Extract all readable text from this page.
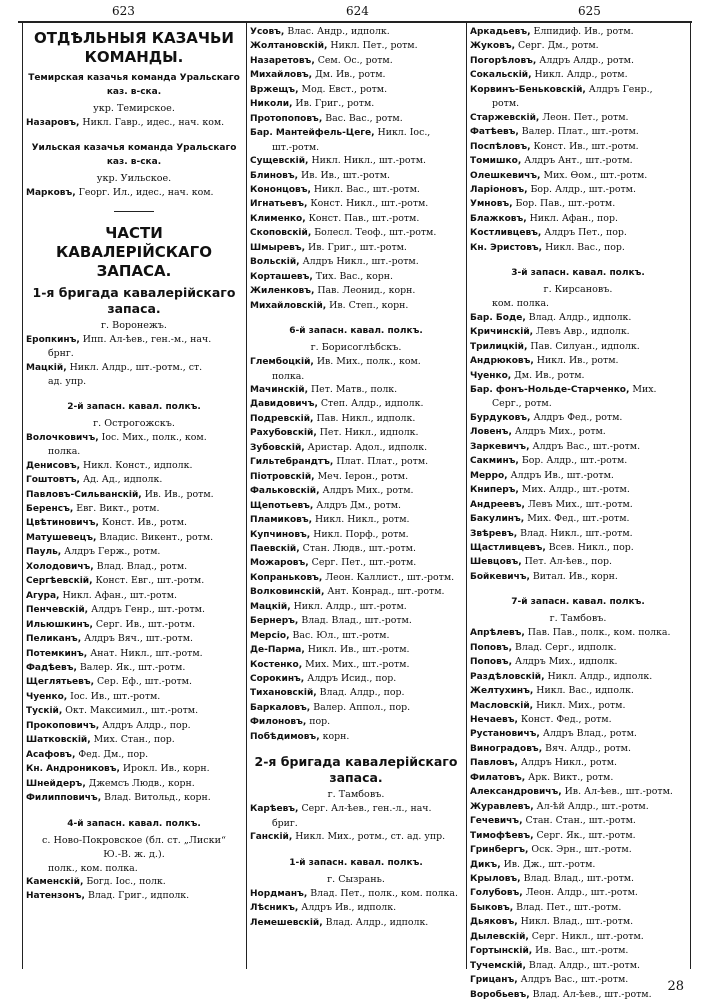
623	624	625
ОТДѢЛЬНЫЯ КАЗАЧЬИ
КОМАНДЫ.
Темирская казачья команда Уральскаго
каз. в-ска.
укр. Темирское.
Назаровъ, Никл. Гавр., идес., нач. ком.
Уильская казачья команда Уральскаго
каз. в-ска.
укр. Уильское.
Марковъ, Георг. Ил., идес., нач. ком.
ЧАСТИ КАВАЛЕРІЙСКАГО
ЗАПАСА.
1-я бригада кавалерійскаго
запаса.
г. Воронежъ.
Еропкинъ, Ипп. Ал-ѣев., ген.-м., нач.
брнг.
Мацкій, Никл. Алдр., шт.-ротм., ст.
ад. упр.
2-й запасн. кавал. полкъ.
г. Острогожскъ.
Волочковичъ, Іос. Мих., полк., ком.
полка.
Денисовъ, Никл. Конст., идполк.
Гоштовтъ, Ад. Ад., идполк.
Павловъ-Сильванскій, Ив. Ив., ротм.
Беренсъ, Евг. Викт., ротм.
Цвѣтиновичъ, Конст. Ив., ротм.
Матушевецъ, Владис. Викент., ротм.
Пауль, Алдръ Герж., ротм.
Холодовичъ, Влад. Влад., ротм.
Сергѣевскій, Конст. Евг., шт.-ротм.
Агура, Никл. Афан., шт.-ротм.
Пенчевскій, Алдръ Генр., шт.-ротм.
Ильюшкинъ, Серг. Ив., шт.-ротм.
Пеликанъ, Алдръ Вяч., шт.-ротм.
Потемкинъ, Анат. Никл., шт.-ротм.
Фадѣевъ, Валер. Як., шт.-ротм.
Щеглятьевъ, Сер. Еф., шт.-ротм.
Чуенко, Іос. Ив., шт.-ротм.
Тускій, Окт. Максимил., шт.-ротм.
Прокоповичъ, Алдръ Алдр., пор.
Шатковскій, Мих. Стан., пор.
Асафовъ, Фед. Дм., пор.
Кн. Андрониковъ, Ирокл. Ив., корн.
Шнейдеръ, Джемсъ Людв., корн.
Филипповичъ, Влад. Витольд., корн.
4-й запасн. кавал. полкъ.
с. Ново-Покровское (бл. ст. „Лиски“
Ю.-В. ж. д.).
полк., ком. полка.
Каменскій, Богд. Іос., полк.
Натензонъ, Влад. Григ., идполк.
Усовъ, Влас. Андр., идполк.
Жолтановскій, Никл. Пет., ротм.
Назаретовъ, Сем. Ос., ротм.
Михайловъ, Дм. Ив., ротм.
Вржещъ, Мод. Евст., ротм.
Николи, Ив. Григ., ротм.
Протопоповъ, Вас. Вас., ротм.
Бар. Мантейфель-Цеге, Никл. Іос.,
шт.-ротм.
Сущевскій, Никл. Никл., шт.-ротм.
Блиновъ, Ив. Ив., шт.-ротм.
Кононцовъ, Никл. Вас., шт.-ротм.
Игнатьевъ, Конст. Никл., шт.-ротм.
Клименко, Конст. Пав., шт.-ротм.
Скоповскій, Болесл. Теоф., шт.-ротм.
Шмыревъ, Ив. Григ., шт.-ротм.
Вольскій, Алдръ Никл., шт.-ротм.
Корташевъ, Тих. Вас., корн.
Жиленковъ, Пав. Леонид., корн.
Михайловскій, Ив. Степ., корн.
6-й запасн. кавал. полкъ.
г. Борисоглѣбскъ.
Глембоцкій, Ив. Мих., полк., ком.
полка.
Мачинскій, Пет. Матв., полк.
Давидовичъ, Степ. Алдр., идполк.
Подревскій, Пав. Никл., идполк.
Рахубовскій, Пет. Никл., идполк.
Зубовскій, Аристар. Адол., идполк.
Гильтебрандтъ, Плат. Плат., ротм.
Піотровскій, Меч. Іерон., ротм.
Фальковскій, Алдръ Мих., ротм.
Щепотьевъ, Алдръ Дм., ротм.
Пламиковъ, Никл. Никл., ротм.
Купчиновъ, Никл. Порф., ротм.
Паевскій, Стан. Людв., шт.-ротм.
Можаровъ, Серг. Пет., шт.-ротм.
Копраньковъ, Леон. Каллист., шт.-ротм.
Волковинскій, Ант. Конрад., шт.-ротм.
Мацкій, Никл. Алдр., шт.-ротм.
Бернеръ, Влад. Влад., шт.-ротм.
Мерсіо, Вас. Юл., шт.-ротм.
Де-Парма, Никл. Ив., шт.-ротм.
Костенко, Мих. Мих., шт.-ротм.
Сорокинъ, Алдръ Исид., пор.
Тихановскій, Влад. Алдр., пор.
Баркаловъ, Валер. Аппол., пор.
Филоновъ, пор.
Побѣдимовъ, корн.
2-я бригада кавалерійскаго
запаса.
г. Тамбовъ.
Карѣевъ, Серг. Ал-ѣев., ген.-л., нач.
бриг.
Ганскій, Никл. Мих., ротм., ст. ад. упр.
1-й запасн. кавал. полкъ.
г. Сызрань.
Нордманъ, Влад. Пет., полк., ком. полка.
Лѣсникъ, Алдръ Ив., идполк.
Лемешевскій, Влад. Алдр., идполк.
Аркадьевъ, Елпидиф. Ив., ротм.
Жуковъ, Серг. Дм., ротм.
Погорѣловъ, Алдръ Алдр., ротм.
Сокальскій, Никл. Алдр., ротм.
Корвинъ-Беньковскій, Алдръ Генр.,
ротм.
Старжевскій, Леон. Пет., ротм.
Фатѣевъ, Валер. Плат., шт.-ротм.
Поспѣловъ, Конст. Ив., шт.-ротм.
Томишко, Алдръ Ант., шт.-ротм.
Олешкевичъ, Мих. Ѳом., шт.-ротм.
Ларіоновъ, Бор. Алдр., шт.-ротм.
Умновъ, Бор. Пав., шт.-ротм.
Блажковъ, Никл. Афан., пор.
Костливцевъ, Алдръ Пет., пор.
Кн. Эристовъ, Никл. Вас., пор.
3-й запасн. кавал. полкъ.
г. Кирсановъ.
ком. полка.
Бар. Боде, Влад. Алдр., идполк.
Кричинскій, Левъ Авр., идполк.
Трилицкій, Пав. Силуан., идполк.
Андрюковъ, Никл. Ив., ротм.
Чуенко, Дм. Ив., ротм.
Бар. фонъ-Нольде-Старченко, Мих.
Серг., ротм.
Бурдуковъ, Алдръ Фед., ротм.
Ловенъ, Алдръ Мих., ротм.
Заркевичъ, Алдръ Вас., шт.-ротм.
Сакминъ, Бор. Алдр., шт.-ротм.
Мерро, Алдръ Ив., шт.-ротм.
Книперъ, Мих. Алдр., шт.-ротм.
Андреевъ, Левъ Мих., шт.-ротм.
Бакулинъ, Мих. Фед., шт.-ротм.
Звѣревъ, Влад. Никл., шт.-ротм.
Щастливцевъ, Всев. Никл., пор.
Шевцовъ, Пет. Ал-ѣев., пор.
Бойкевичъ, Витал. Ив., корн.
7-й запасн. кавал. полкъ.
г. Тамбовъ.
Апрѣлевъ, Пав. Пав., полк., ком. полка.
Поповъ, Влад. Серг., идполк.
Поповъ, Алдръ Мих., идполк.
Раздѣловскій, Никл. Алдр., идполк.
Желтухинъ, Никл. Вас., идполк.
Масловскій, Никл. Мих., ротм.
Нечаевъ, Конст. Фед., ротм.
Рустановичъ, Алдръ Влад., ротм.
Виноградовъ, Вяч. Алдр., ротм.
Павловъ, Алдръ Никл., ротм.
Филатовъ, Арк. Викт., ротм.
Александровичъ, Ив. Ал-ѣев., шт.-ротм.
Журавлевъ, Ал-ѣй Алдр., шт.-ротм.
Гечевичъ, Стан. Стан., шт.-ротм.
Тимофѣевъ, Серг. Як., шт.-ротм.
Гринбергъ, Оск. Эрн., шт.-ротм.
Дикъ, Ив. Дж., шт.-ротм.
Крыловъ, Влад. Влад., шт.-ротм.
Голубовъ, Леон. Алдр., шт.-ротм.
Быковъ, Влад. Пет., шт.-ротм.
Дьяковъ, Никл. Влад., шт.-ротм.
Дылевскій, Серг. Никл., шт.-ротм.
Гортынскій, Ив. Вас., шт.-ротм.
Тучемскій, Влад. Алдр., шт.-ротм.
Грицанъ, Алдръ Вас., шт.-ротм.
Воробьевъ, Влад. Ал-ѣев., шт.-ротм.
28
